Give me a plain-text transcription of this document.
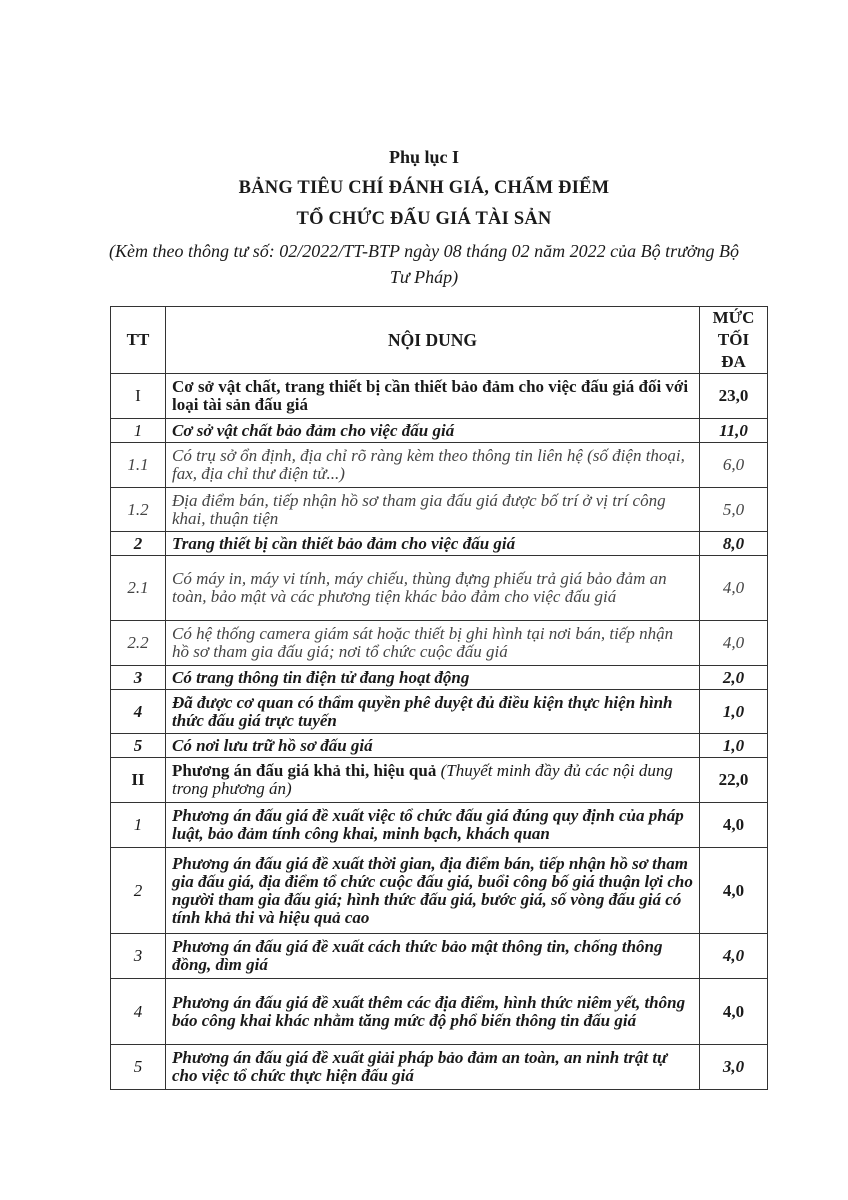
Phụ lục I
BẢNG TIÊU CHÍ ĐÁNH GIÁ, CHẤM ĐIỂM
TỔ CHỨC ĐẤU GIÁ TÀI SẢN
(Kèm theo thông tư số: 02/2022/TT-BTP ngày 08 tháng 02 năm 2022 của Bộ trưởng Bộ Tư Pháp)
TT	NỘI DUNG	MỨC TỐI ĐA
I	Cơ sở vật chất, trang thiết bị cần thiết bảo đảm cho việc đấu giá đối với loại tài sản đấu giá	23,0
1	Cơ sở vật chất bảo đảm cho việc đấu giá	11,0
1.1	Có trụ sở ổn định, địa chỉ rõ ràng kèm theo thông tin liên hệ (số điện thoại, fax, địa chỉ thư điện tử...)	6,0
1.2	Địa điểm bán, tiếp nhận hồ sơ tham gia đấu giá được bố trí ở vị trí công khai, thuận tiện	5,0
2	Trang thiết bị cần thiết bảo đảm cho việc đấu giá	8,0
2.1	Có máy in, máy vi tính, máy chiếu, thùng đựng phiếu trả giá bảo đảm an toàn, bảo mật và các phương tiện khác bảo đảm cho việc đấu giá	4,0
2.2	Có hệ thống camera giám sát hoặc thiết bị ghi hình tại nơi bán, tiếp nhận hồ sơ tham gia đấu giá; nơi tổ chức cuộc đấu giá	4,0
3	Có trang thông tin điện tử đang hoạt động	2,0
4	Đã được cơ quan có thẩm quyền phê duyệt đủ điều kiện thực hiện hình thức đấu giá trực tuyến	1,0
5	Có nơi lưu trữ hồ sơ đấu giá	1,0
II	Phương án đấu giá khả thi, hiệu quả (Thuyết minh đầy đủ các nội dung trong phương án)	22,0
1	Phương án đấu giá đề xuất việc tổ chức đấu giá đúng quy định của pháp luật, bảo đảm tính công khai, minh bạch, khách quan	4,0
2	Phương án đấu giá đề xuất thời gian, địa điểm bán, tiếp nhận hồ sơ tham gia đấu giá, địa điểm tổ chức cuộc đấu giá, buổi công bố giá thuận lợi cho người tham gia đấu giá; hình thức đấu giá, bước giá, số vòng đấu giá có tính khả thi và hiệu quả cao	4,0
3	Phương án đấu giá đề xuất cách thức bảo mật thông tin, chống thông đồng, dìm giá	4,0
4	Phương án đấu giá đề xuất thêm các địa điểm, hình thức niêm yết, thông báo công khai khác nhằm tăng mức độ phổ biến thông tin đấu giá	4,0
5	Phương án đấu giá đề xuất giải pháp bảo đảm an toàn, an ninh trật tự cho việc tổ chức thực hiện đấu giá	3,0
